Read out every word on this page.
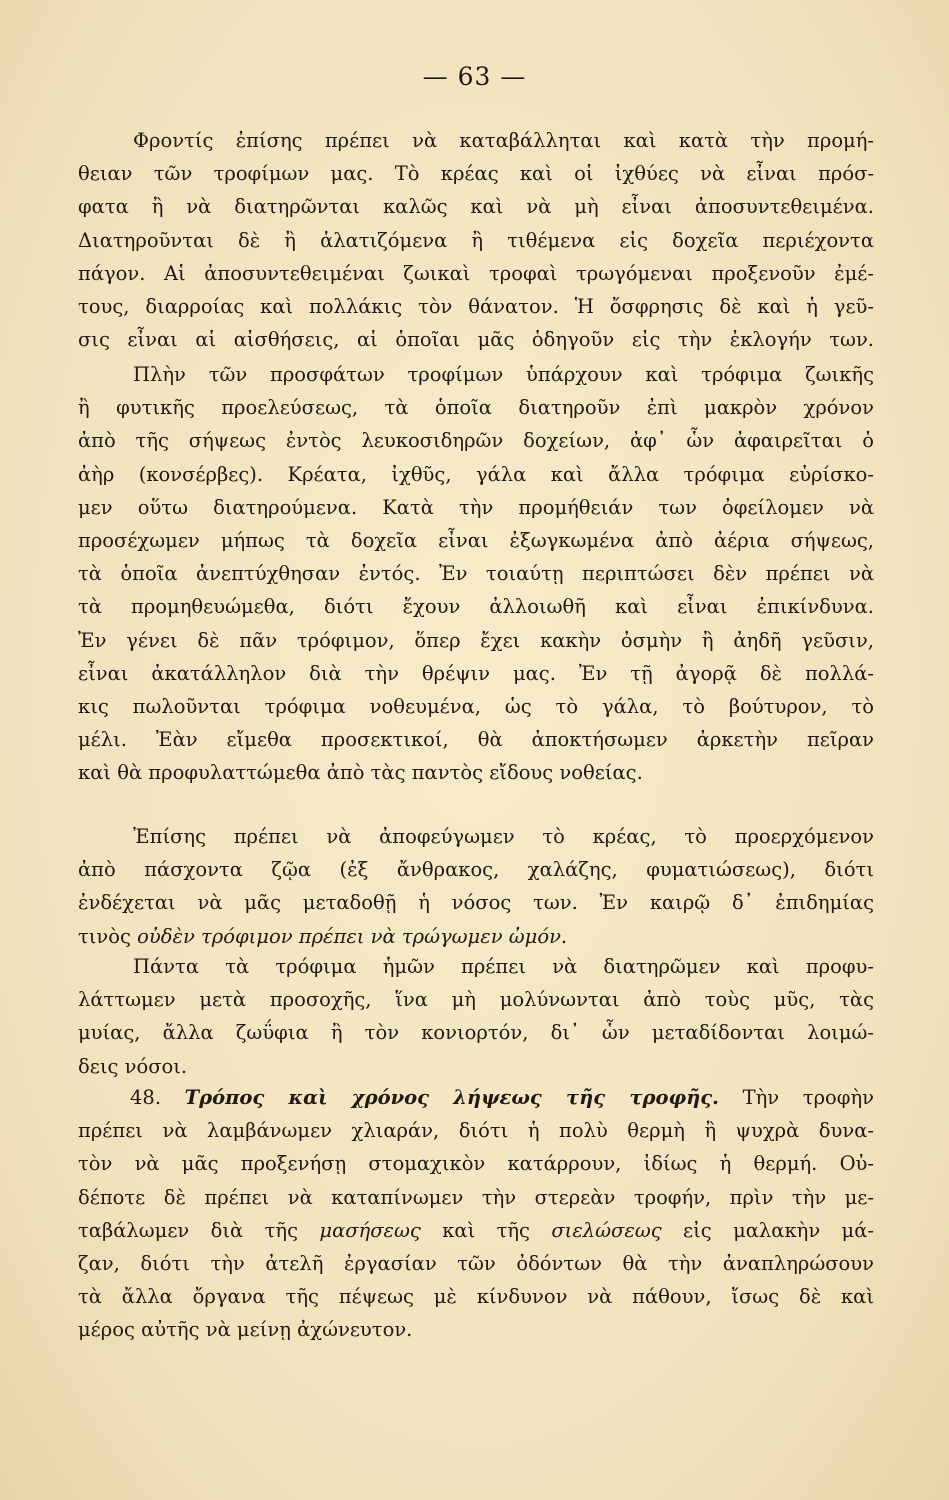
— 63 —
Φροντίς ἐπίσης πρέπει νὰ καταβάλληται καὶ κατὰ τὴν προμή-
θειαν τῶν τροφίμων μας. Τὸ κρέας καὶ οἱ ἰχθύες νὰ εἶναι πρόσ-
φατα ἢ νὰ διατηρῶνται καλῶς καὶ νὰ μὴ εἶναι ἀποσυντεθειμένα.
Διατηροῦνται δὲ ἢ ἁλατιζόμενα ἢ τιθέμενα εἰς δοχεῖα περιέχοντα
πάγον. Αἱ ἀποσυντεθειμέναι ζωικαὶ τροφαὶ τρωγόμεναι προξενοῦν ἐμέ-
τους, διαρροίας καὶ πολλάκις τὸν θάνατον. Ἡ ὄσφρησις δὲ καὶ ἡ γεῦ-
σις εἶναι αἱ αἰσθήσεις, αἱ ὁποῖαι μᾶς ὁδηγοῦν εἰς τὴν ἐκλογήν των.
Πλὴν τῶν προσφάτων τροφίμων ὑπάρχουν καὶ τρόφιμα ζωικῆς
ἢ φυτικῆς προελεύσεως, τὰ ὁποῖα διατηροῦν ἐπὶ μακρὸν χρόνον
ἀπὸ τῆς σήψεως ἐντὸς λευκοσιδηρῶν δοχείων, ἀφ᾽ ὧν ἀφαιρεῖται ὁ
ἀὴρ (κονσέρβες). Κρέατα, ἰχθῦς, γάλα καὶ ἄλλα τρόφιμα εὑρίσκο-
μεν οὕτω διατηρούμενα. Κατὰ τὴν προμήθειάν των ὀφείλομεν νὰ
προσέχωμεν μήπως τὰ δοχεῖα εἶναι ἐξωγκωμένα ἀπὸ ἀέρια σήψεως,
τὰ ὁποῖα ἀνεπτύχθησαν ἐντός. Ἐν τοιαύτῃ περιπτώσει δὲν πρέπει νὰ
τὰ προμηθευώμεθα, διότι ἔχουν ἀλλοιωθῆ καὶ εἶναι ἐπικίνδυνα.
Ἐν γένει δὲ πᾶν τρόφιμον, ὅπερ ἔχει κακὴν ὀσμὴν ἢ ἀηδῆ γεῦσιν,
εἶναι ἀκατάλληλον διὰ τὴν θρέψιν μας. Ἐν τῇ ἀγορᾷ δὲ πολλά-
κις πωλοῦνται τρόφιμα νοθευμένα, ὡς τὸ γάλα, τὸ βούτυρον, τὸ
μέλι. Ἐὰν εἴμεθα προσεκτικοί, θὰ ἀποκτήσωμεν ἀρκετὴν πεῖραν
καὶ θὰ προφυλαττώμεθα ἀπὸ τὰς παντὸς εἴδους νοθείας.
Ἐπίσης πρέπει νὰ ἀποφεύγωμεν τὸ κρέας, τὸ προερχόμενον
ἀπὸ πάσχοντα ζῷα (ἐξ ἄνθρακος, χαλάζης, φυματιώσεως), διότι
ἐνδέχεται νὰ μᾶς μεταδοθῇ ἡ νόσος των. Ἐν καιρῷ δ᾽ ἐπιδημίας
τινὸς οὐδὲν τρόφιμον πρέπει νὰ τρώγωμεν ὠμόν.
Πάντα τὰ τρόφιμα ἡμῶν πρέπει νὰ διατηρῶμεν καὶ προφυ-
λάττωμεν μετὰ προσοχῆς, ἵνα μὴ μολύνωνται ἀπὸ τοὺς μῦς, τὰς
μυίας, ἄλλα ζωΰφια ἢ τὸν κονιορτόν, δι᾽ ὧν μεταδίδονται λοιμώ-
δεις νόσοι.
48. Τρόπος καὶ χρόνος λήψεως τῆς τροφῆς. Τὴν τροφὴν
πρέπει νὰ λαμβάνωμεν χλιαράν, διότι ἡ πολὺ θερμὴ ἢ ψυχρὰ δυνα-
τὸν νὰ μᾶς προξενήσῃ στομαχικὸν κατάρρουν, ἰδίως ἡ θερμή. Οὐ-
δέποτε δὲ πρέπει νὰ καταπίνωμεν τὴν στερεὰν τροφήν, πρὶν τὴν με-
ταβάλωμεν διὰ τῆς μασήσεως καὶ τῆς σιελώσεως εἰς μαλακὴν μά-
ζαν, διότι τὴν ἀτελῆ ἐργασίαν τῶν ὀδόντων θὰ τὴν ἀναπληρώσουν
τὰ ἄλλα ὄργανα τῆς πέψεως μὲ κίνδυνον νὰ πάθουν, ἴσως δὲ καὶ
μέρος αὐτῆς νὰ μείνῃ ἀχώνευτον.
